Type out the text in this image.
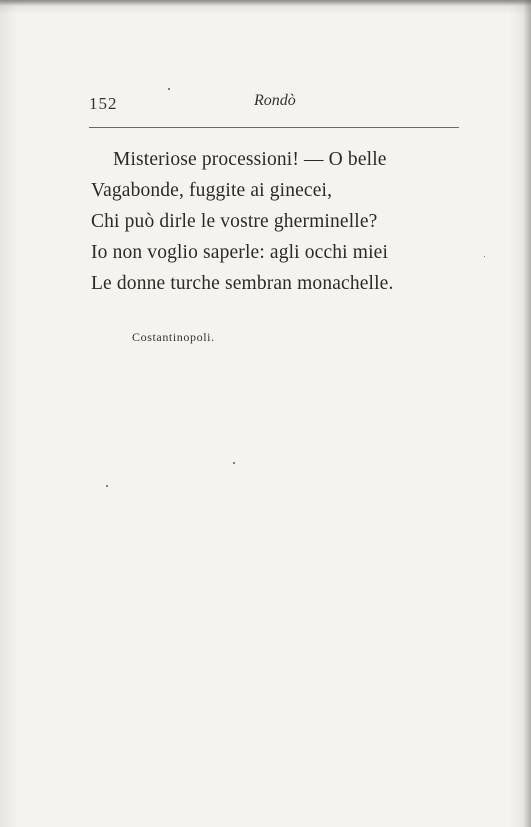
152	Rondò
Misteriose processioni! — O belle
Vagabonde, fuggite ai ginecei,
Chi può dirle le vostre gherminelle?
Io non voglio saperle: agli occhi miei
Le donne turche sembran monachelle.
Costantinopoli.
